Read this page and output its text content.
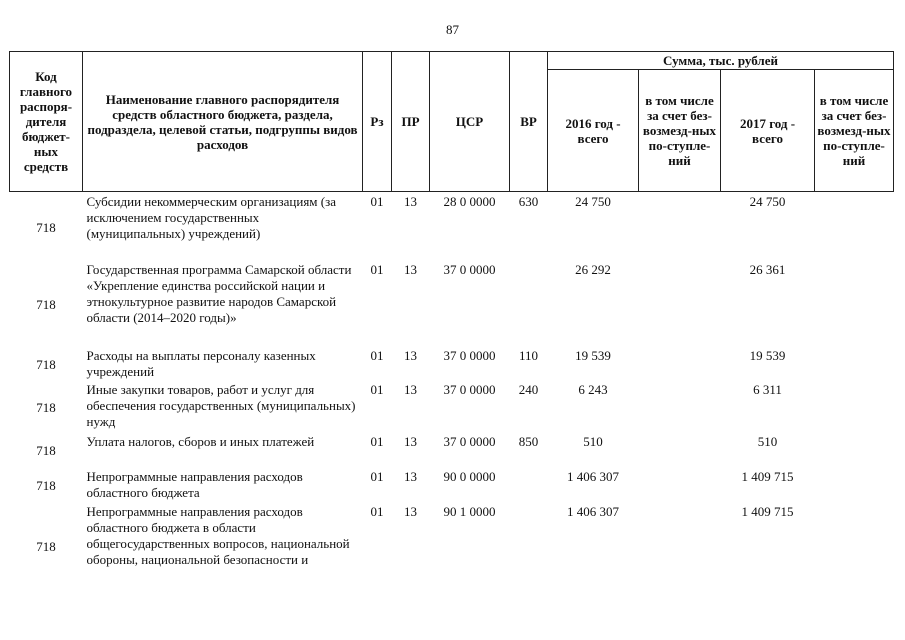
87
Код главного распоря-дителя бюджет-ных средств	Наименование главного распорядителя средств областного бюджета, раздела, подраздела, целевой статьи, подгруппы видов расходов	Рз	ПР	ЦСР	ВР	Сумма, тыс. рублей			
						2016 год - всего	в том числе за счет без-возмезд-ных по-ступле-ний	2017 год - всего	в том числе за счет без-возмезд-ных по-ступле-ний
718	Субсидии некоммерческим организациям (за исключением государственных (муниципальных) учреждений)	01	13	28 0 0000	630	24 750		24 750	
718	Государственная программа Самарской области «Укрепление единства российской нации и этнокультурное развитие народов Самарской области (2014–2020 годы)»	01	13	37 0 0000		26 292		26 361	
718	Расходы на выплаты персоналу казенных учреждений	01	13	37 0 0000	110	19 539		19 539	
718	Иные закупки товаров, работ и услуг для обеспечения государственных (муниципальных) нужд	01	13	37 0 0000	240	6 243		6 311	
718	Уплата налогов, сборов и иных платежей	01	13	37 0 0000	850	510		510	
718	Непрограммные направления расходов областного бюджета	01	13	90 0 0000		1 406 307		1 409 715	
718	Непрограммные направления расходов областного бюджета в области общегосударственных вопросов, национальной обороны, национальной безопасности и	01	13	90 1 0000		1 406 307		1 409 715	
